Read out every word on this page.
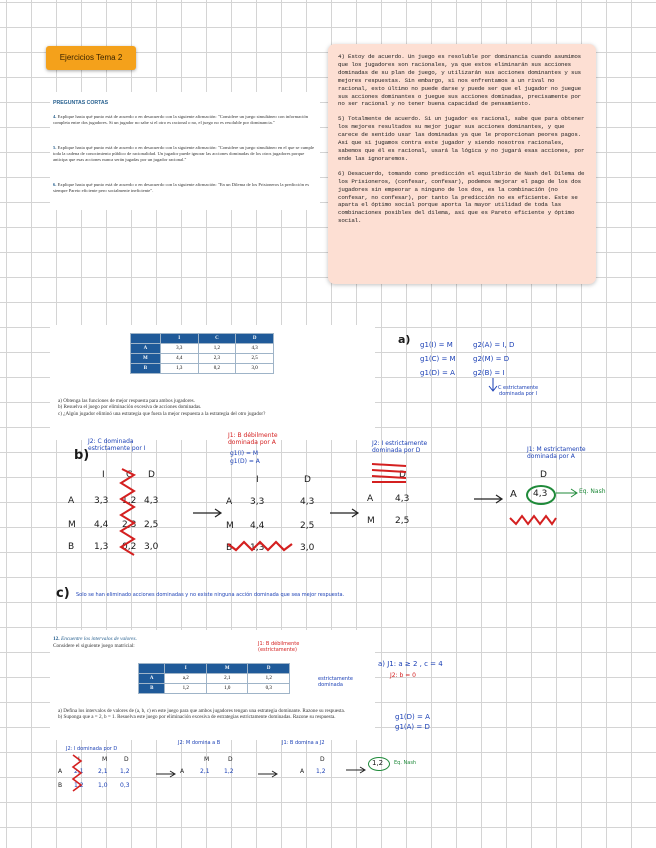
Ejercicios Tema 2
PREGUNTAS CORTAS
4. Explique hasta qué punto está de acuerdo o en desacuerdo con la siguiente afirmación: "Considere un juego simultáneo con información completa entre dos jugadores. Si un jugador no sabe si el otro es racional o no, el juego no es resoluble por dominancia."
5. Explique hasta qué punto está de acuerdo o en desacuerdo con la siguiente afirmación: "Considere un juego simultáneo en el que se cumple toda la cadena de conocimiento público de racionalidad. Un jugador puede ignorar las acciones dominadas de los otros jugadores porque anticipa que esas acciones nunca serán jugadas por un jugador racional."
6. Explique hasta qué punto está de acuerdo o en desacuerdo con la siguiente afirmación: "En un Dilema de los Prisioneros la predicción es siempre Pareto eficiente pero socialmente ineficiente".

4) Estoy de acuerdo. Un juego es resoluble por dominancia cuando asumimos que los jugadores son racionales, ya que estos eliminarán sus acciones dominadas de su plan de juego, y utilizarán sus acciones dominantes y sus mejores respuestas. Sin embargo, si nos enfrentamos a un rival no racional, esto último no puede darse y puede ser que el jugador no juegue sus acciones dominantes o juegue sus acciones dominadas, precisamente por no ser racional y no tener buena capacidad de pensamiento.

5) Totalmente de acuerdo. Si un jugador es racional, sabe que para obtener los mejores resultados su mejor jugar sus acciones dominantes, y que carece de sentido usar las dominadas ya que le proporcionan peores pagos. Así que si jugamos contra este jugador y siendo nosotros racionales, sabemos que él es racional, usará la lógica y no jugará esas acciones, por ende las ignoraremos.

6) Desacuerdo, tomando como predicción el equilibrio de Nash del Dilema de los Prisioneros, (confesar, confesar), podemos mejorar el pago de los dos jugadores sin empeorar a ninguno de los dos, es la combinación (no confesar, no confesar), por tanto la predicción no es eficiente. Este se aparta el óptimo social porque aporta la mayor utilidad de toda las combinaciones posibles del dilema, así que es Pareto eficiente y óptimo social.

	I	C	D
A	3,3	1,2	4,3
M	4,4	2,3	2,5
B	1,3	0,2	3,0
a) Obtenga las funciones de mejor respuesta para ambos jugadores.
b) Resuelva el juego por eliminación excesiva de acciones dominadas.
c) ¿Algún jugador eliminó una estrategia que fuera la mejor respuesta a la estrategia del otro jugador?
a) g1(I) = M
g1(C) = M
g1(D) = A
g2(A) = I, D
g2(M) = D
g2(B) = I
C estrictamente dominada por I
b)
J2: C dominada
estrictamente por I
I C D
A 3,3 1,2 4,3
M 4,4 2,3 2,5
B 1,3 0,2 3,0
J1: B débilmente
dominada por A
g1(I) = M
g1(D) = A
I	D
A 3,3	4,3
M 4,4	2,5
B 1,3	3,0
J2: I estrictamente
dominada por D
D
A 4,3
M 2,5
J1: M estrictamente
dominada por A
D
A 4,3	Eq. Nash
c) Solo se han eliminado acciones dominadas y no existe ninguna acción dominada que sea mejor respuesta.
12. Encuentre los intervalos de valores.
Considere el siguiente juego matricial:
	I	M	D
A	a,2	2,1	1,2
B	1,2	1,0	0,3
a) Defina los intervalos de valores de (a, b, c) en este juego para que ambos jugadores tengan una estrategia dominante. Razone su respuesta.
b) Suponga que a = 2, b = 1. Resuelva este juego por eliminación excesiva de estrategias estrictamente dominadas. Razone su respuesta.
J1: B débilmente
(estrictamente)
estrictamente
dominada
a) J1: a ≥ 2 , c = 4
J2: b = 0
g1(D) = A
g1(A) = D
J2: I dominada por D
J2: M domina a B	J1: B domina a J2
I	M	D
A 2,1 2,1 1,2
B 1,2 1,0 0,3
M	D
A	2,1 1,2
D
A 1,2
1,2 Eq. Nash
